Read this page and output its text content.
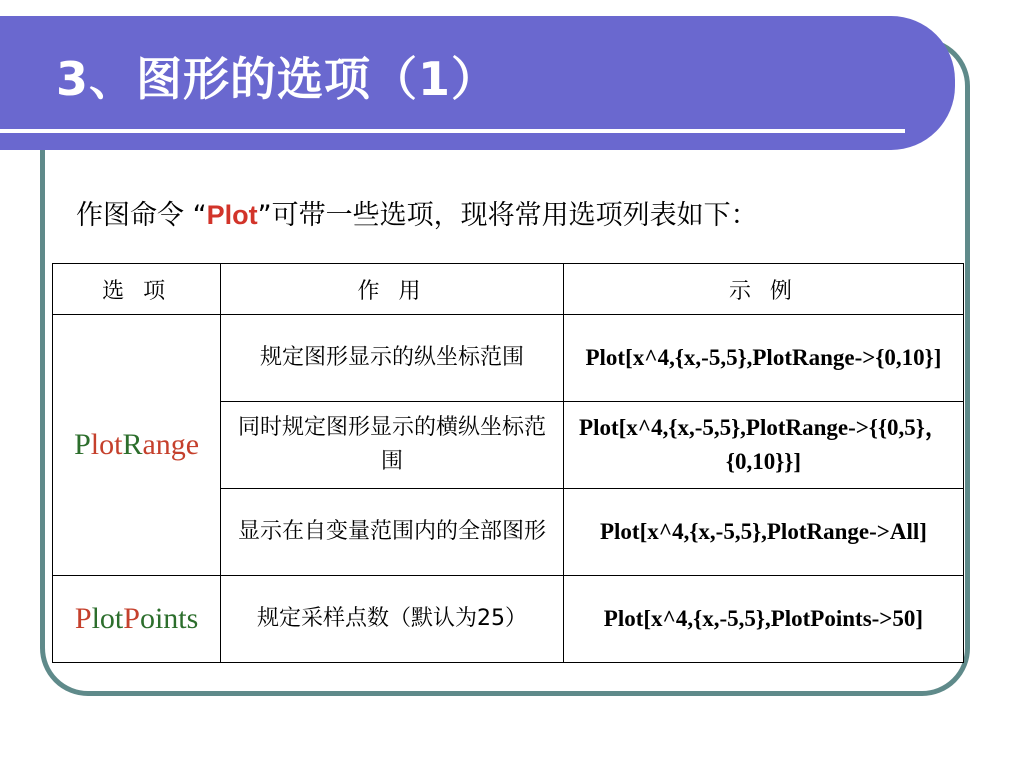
3、图形的选项（1）

作图命令 “Plot”可带一些选项，现将常用选项列表如下：

选 项	作 用	示 例
PlotRange	规定图形显示的纵坐标范围	Plot[x^4,{x,-5,5},PlotRange->{0,10}]
	同时规定图形显示的横纵坐标范围	Plot[x^4,{x,-5,5},PlotRange->{{0,5}，{0,10}}]
	显示在自变量范围内的全部图形	Plot[x^4,{x,-5,5},PlotRange->All]
PlotPoints	规定采样点数（默认为25）	Plot[x^4,{x,-5,5},PlotPoints->50]
